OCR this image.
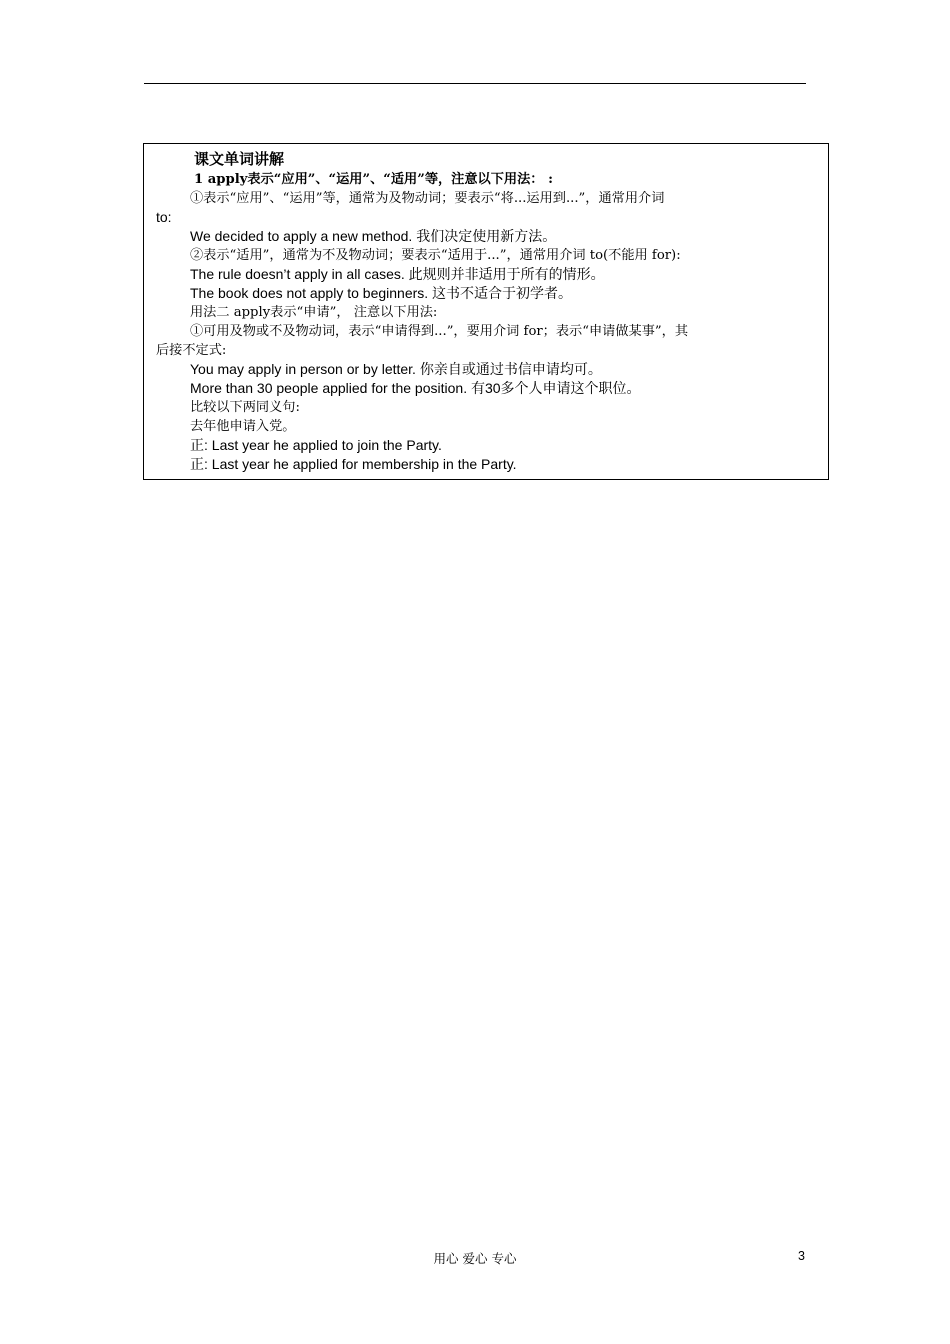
课文单词讲解
1 apply表示“应用”、“运用”、“适用”等，注意以下用法： :
①表示“应用”、“运用”等，通常为及物动词；要表示“将...运用到...”，通常用介词
to:
We decided to apply a new method. 我们决定使用新方法。
②表示“适用”，通常为不及物动词；要表示“适用于...”，通常用介词 to(不能用 for):
The rule doesn’t apply in all cases. 此规则并非适用于所有的情形。
The book does not apply to beginners. 这书不适合于初学者。
用法二 apply表示“申请”， 注意以下用法:
①可用及物或不及物动词，表示“申请得到...”，要用介词 for；表示“申请做某事”，其
后接不定式:
You may apply in person or by letter. 你亲自或通过书信申请均可。
More than 30 people applied for the position. 有30多个人申请这个职位。
比较以下两同义句:
去年他申请入党。
正: Last year he applied to join the Party.
正: Last year he applied for membership in the Party.
用心 爱心 专心	3
